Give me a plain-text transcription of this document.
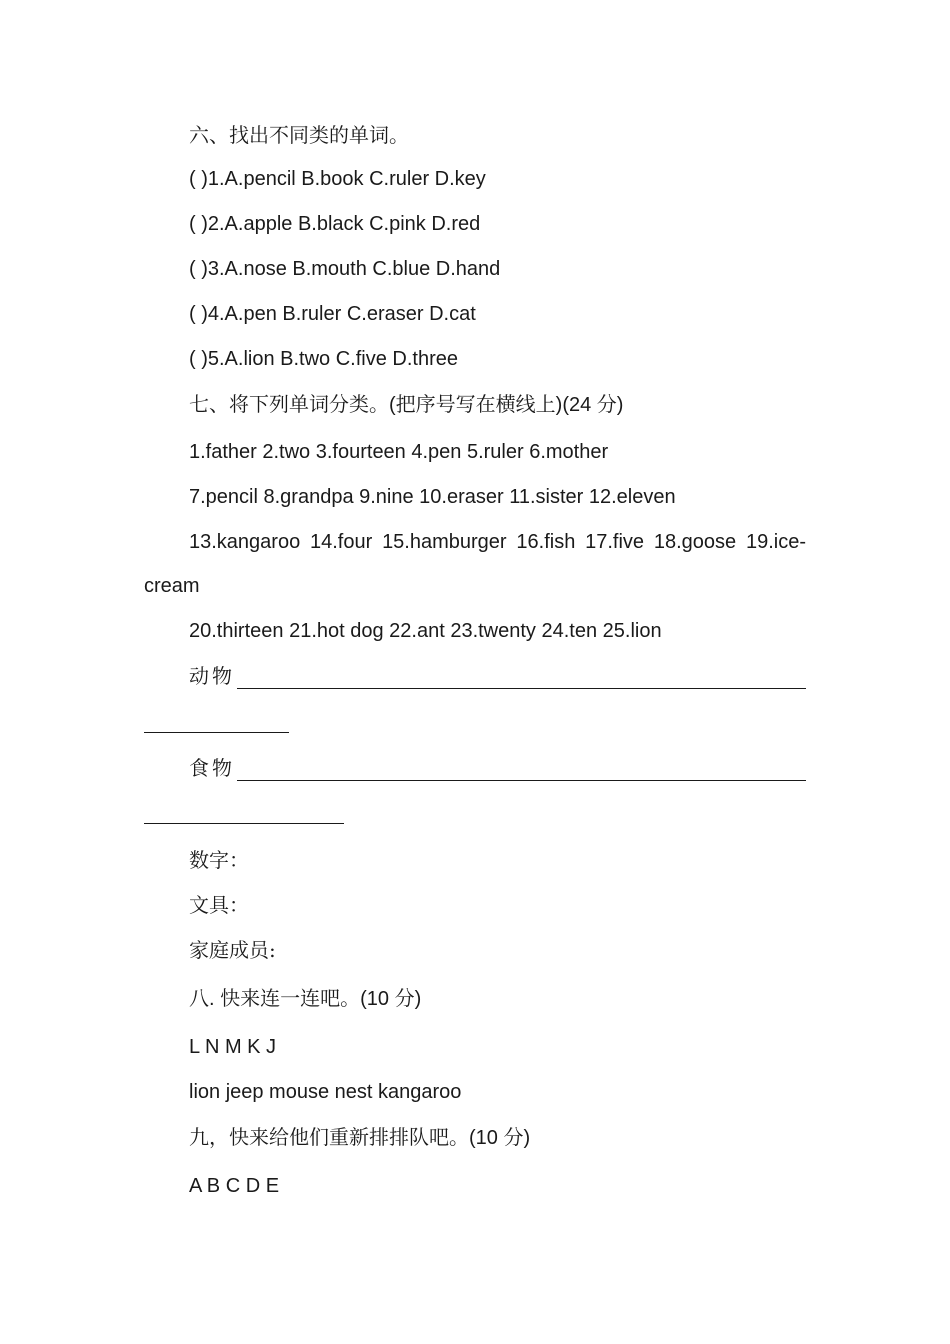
六、找出不同类的单词。
( )1.A.pencil B.book C.ruler D.key
( )2.A.apple B.black C.pink D.red
( )3.A.nose B.mouth C.blue D.hand
( )4.A.pen B.ruler C.eraser D.cat
( )5.A.lion B.two C.five D.three
七、将下列单词分类。(把序号写在横线上)(24 分)
1.father 2.two 3.fourteen 4.pen 5.ruler 6.mother
7.pencil 8.grandpa 9.nine 10.eraser 11.sister 12.eleven
13.kangaroo 14.four 15.hamburger 16.fish 17.five 18.goose 19.ice-
cream
20.thirteen 21.hot dog 22.ant 23.twenty 24.ten 25.lion
动物
食物
数字：
文具：
家庭成员:
八. 快来连一连吧。(10 分)
L N M K J
lion jeep mouse nest kangaroo
九，快来给他们重新排排队吧。(10 分)
A B C D E
